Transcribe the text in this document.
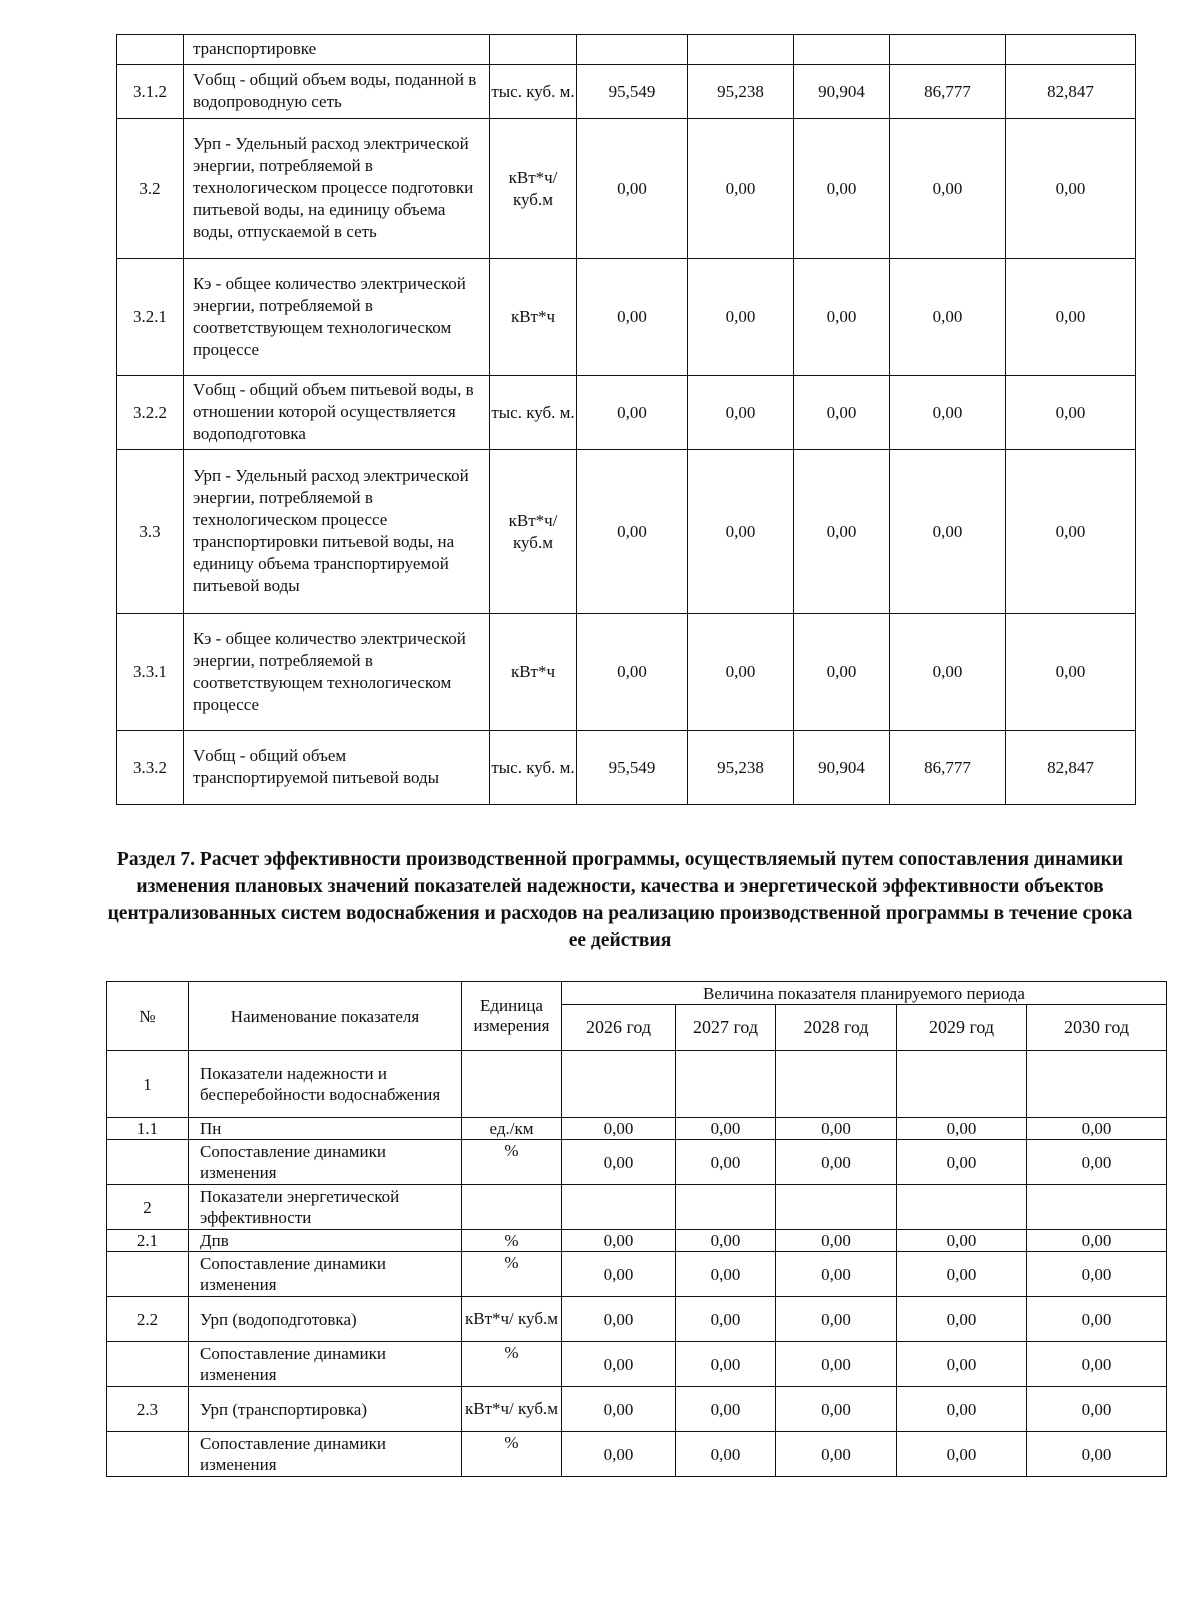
	транспортировке						
3.1.2	Vобщ - общий объем воды, поданной в водопроводную сеть	тыс. куб. м.	95,549	95,238	90,904	86,777	82,847
3.2	Урп - Удельный расход электрической энергии, потребляемой в технологическом процессе подготовки питьевой воды, на единицу объема воды, отпускаемой в сеть	кВт*ч/ куб.м	0,00	0,00	0,00	0,00	0,00
3.2.1	Кэ - общее количество электрической энергии, потребляемой в соответствующем технологическом процессе	кВт*ч	0,00	0,00	0,00	0,00	0,00
3.2.2	Vобщ - общий объем питьевой воды, в отношении которой осуществляется водоподготовка	тыс. куб. м.	0,00	0,00	0,00	0,00	0,00
3.3	Урп - Удельный расход электрической энергии, потребляемой в технологическом процессе транспортировки питьевой воды, на единицу объема транспортируемой питьевой воды	кВт*ч/ куб.м	0,00	0,00	0,00	0,00	0,00
3.3.1	Кэ - общее количество электрической энергии, потребляемой в соответствующем технологическом процессе	кВт*ч	0,00	0,00	0,00	0,00	0,00
3.3.2	Vобщ - общий объем транспортируемой питьевой воды	тыс. куб. м.	95,549	95,238	90,904	86,777	82,847
Раздел 7. Расчет эффективности производственной программы, осуществляемый путем сопоставления динамики изменения плановых значений показателей надежности, качества и энергетической эффективности объектов централизованных систем водоснабжения и расходов на реализацию производственной программы в течение срока ее действия
№	Наименование показателя	Единица измерения	Величина показателя планируемого периода				
			2026 год	2027 год	2028 год	2029 год	2030 год
1	Показатели надежности и бесперебойности водоснабжения						
1.1	Пн	ед./км	0,00	0,00	0,00	0,00	0,00
	Сопоставление динамики изменения	%	0,00	0,00	0,00	0,00	0,00
2	Показатели энергетической эффективности						
2.1	Дпв	%	0,00	0,00	0,00	0,00	0,00
	Сопоставление динамики изменения	%	0,00	0,00	0,00	0,00	0,00
2.2	Урп (водоподготовка)	кВт*ч/ куб.м	0,00	0,00	0,00	0,00	0,00
	Сопоставление динамики изменения	%	0,00	0,00	0,00	0,00	0,00
2.3	Урп (транспортировка)	кВт*ч/ куб.м	0,00	0,00	0,00	0,00	0,00
	Сопоставление динамики изменения	%	0,00	0,00	0,00	0,00	0,00
